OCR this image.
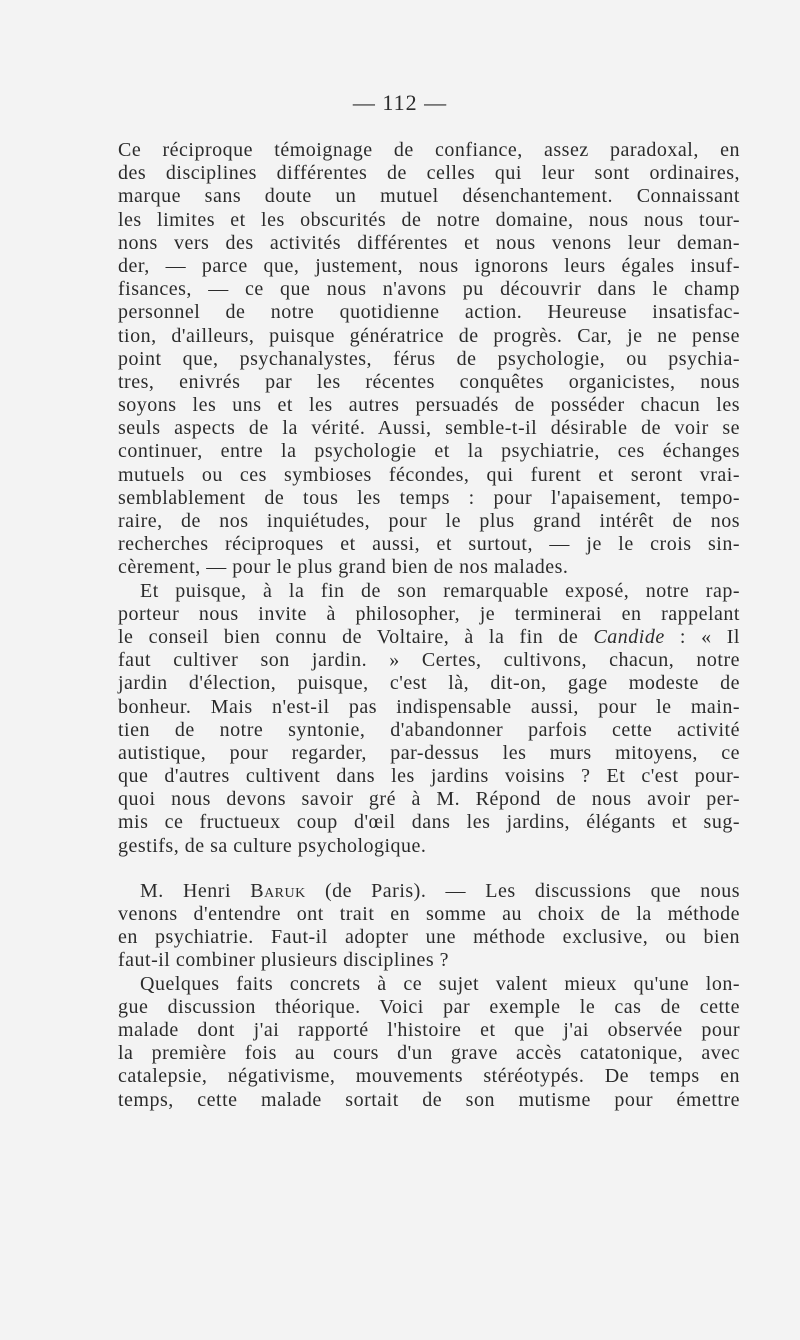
— 112 —
Ce réciproque témoignage de confiance, assez paradoxal, en
des disciplines différentes de celles qui leur sont ordinaires,
marque sans doute un mutuel désenchantement. Connaissant
les limites et les obscurités de notre domaine, nous nous tour-
nons vers des activités différentes et nous venons leur deman-
der, — parce que, justement, nous ignorons leurs égales insuf-
fisances, — ce que nous n'avons pu découvrir dans le champ
personnel de notre quotidienne action. Heureuse insatisfac-
tion, d'ailleurs, puisque génératrice de progrès. Car, je ne pense
point que, psychanalystes, férus de psychologie, ou psychia-
tres, enivrés par les récentes conquêtes organicistes, nous
soyons les uns et les autres persuadés de posséder chacun les
seuls aspects de la vérité. Aussi, semble-t-il désirable de voir se
continuer, entre la psychologie et la psychiatrie, ces échanges
mutuels ou ces symbioses fécondes, qui furent et seront vrai-
semblablement de tous les temps : pour l'apaisement, tempo-
raire, de nos inquiétudes, pour le plus grand intérêt de nos
recherches réciproques et aussi, et surtout, — je le crois sin-
cèrement, — pour le plus grand bien de nos malades.
Et puisque, à la fin de son remarquable exposé, notre rap-
porteur nous invite à philosopher, je terminerai en rappelant
le conseil bien connu de Voltaire, à la fin de Candide : « Il
faut cultiver son jardin. » Certes, cultivons, chacun, notre
jardin d'élection, puisque, c'est là, dit-on, gage modeste de
bonheur. Mais n'est-il pas indispensable aussi, pour le main-
tien de notre syntonie, d'abandonner parfois cette activité
autistique, pour regarder, par-dessus les murs mitoyens, ce
que d'autres cultivent dans les jardins voisins ? Et c'est pour-
quoi nous devons savoir gré à M. Répond de nous avoir per-
mis ce fructueux coup d'œil dans les jardins, élégants et sug-
gestifs, de sa culture psychologique.
M. Henri Baruk (de Paris). — Les discussions que nous
venons d'entendre ont trait en somme au choix de la méthode
en psychiatrie. Faut-il adopter une méthode exclusive, ou bien
faut-il combiner plusieurs disciplines ?
Quelques faits concrets à ce sujet valent mieux qu'une lon-
gue discussion théorique. Voici par exemple le cas de cette
malade dont j'ai rapporté l'histoire et que j'ai observée pour
la première fois au cours d'un grave accès catatonique, avec
catalepsie, négativisme, mouvements stéréotypés. De temps en
temps, cette malade sortait de son mutisme pour émettre
